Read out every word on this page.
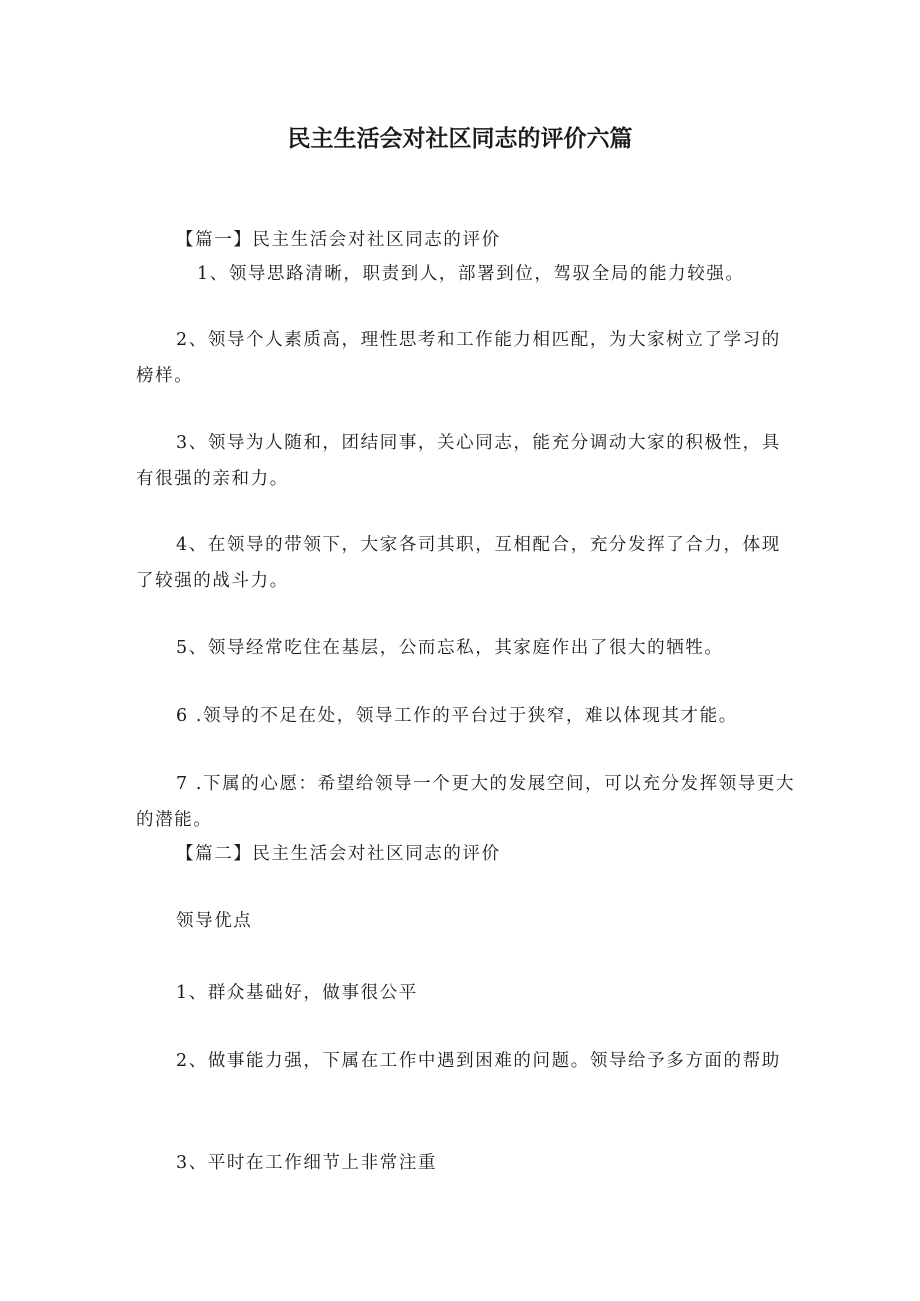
民主生活会对社区同志的评价六篇

【篇一】民主生活会对社区同志的评价

1、领导思路清晰，职责到人，部署到位，驾驭全局的能力较强。

2、领导个人素质高，理性思考和工作能力相匹配，为大家树立了学习的榜样。

3、领导为人随和，团结同事，关心同志，能充分调动大家的积极性，具有很强的亲和力。

4、在领导的带领下，大家各司其职，互相配合，充分发挥了合力，体现了较强的战斗力。

5、领导经常吃住在基层，公而忘私，其家庭作出了很大的牺牲。

6 .领导的不足在处，领导工作的平台过于狭窄，难以体现其才能。

7 .下属的心愿：希望给领导一个更大的发展空间，可以充分发挥领导更大的潜能。

【篇二】民主生活会对社区同志的评价

领导优点

1、群众基础好，做事很公平

2、做事能力强，下属在工作中遇到困难的问题。领导给予多方面的帮助

3、平时在工作细节上非常注重
